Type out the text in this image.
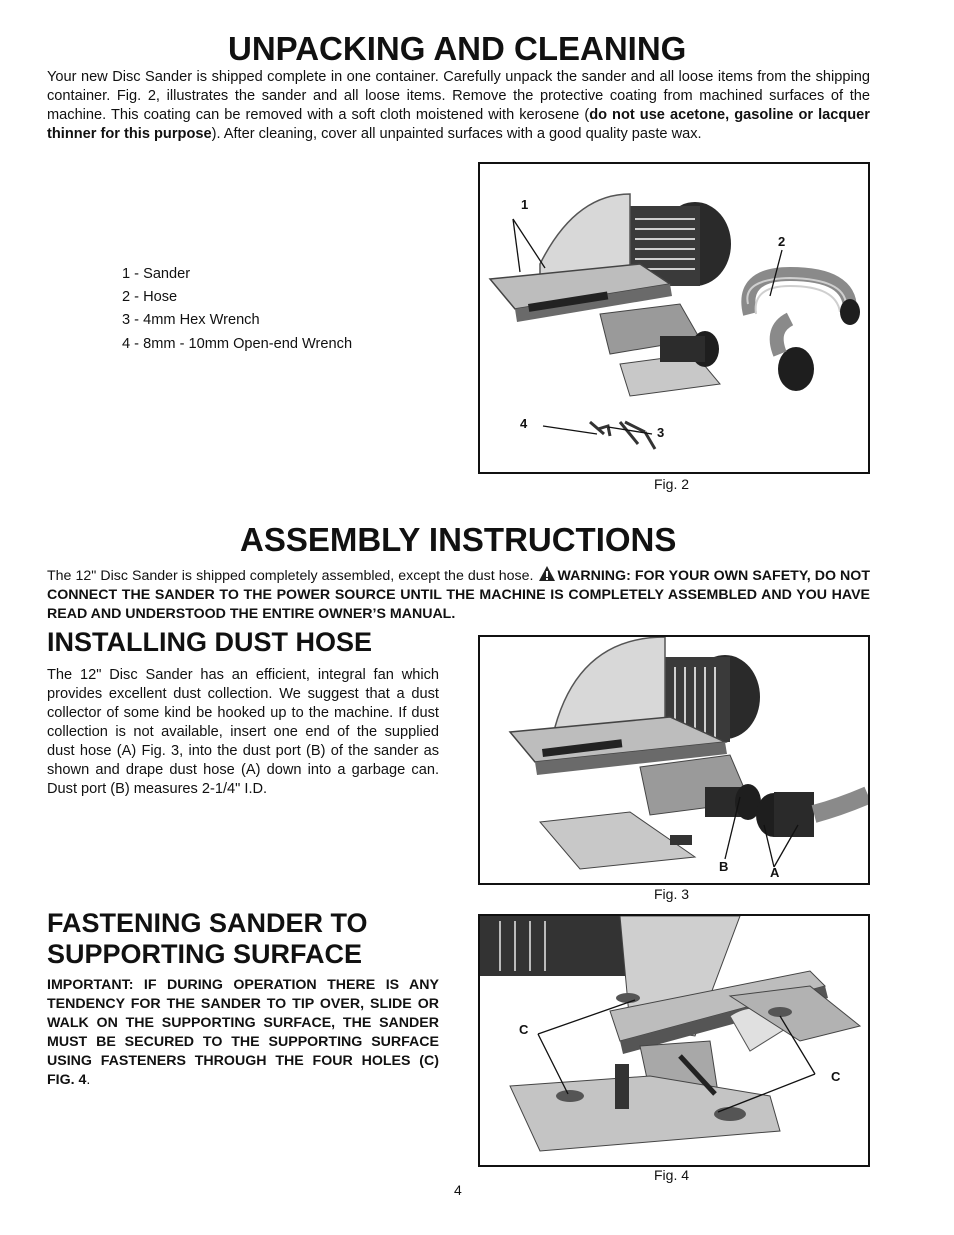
UNPACKING AND CLEANING
Your new Disc Sander is shipped complete in one container. Carefully unpack the sander and all loose items from the shipping container. Fig. 2, illustrates the sander and all loose items. Remove the protective coating from machined surfaces of the machine. This coating can be removed with a soft cloth moistened with kerosene (do not use acetone, gasoline or lacquer thinner for this purpose). After cleaning, cover all unpainted surfaces with a good quality paste wax.
1 - Sander
2 - Hose
3 - 4mm Hex Wrench
4 - 8mm - 10mm Open-end Wrench
1
2
3
4
Fig. 2
ASSEMBLY INSTRUCTIONS
The 12" Disc Sander is shipped completely assembled, except the dust hose. WARNING: FOR YOUR OWN SAFETY, DO NOT CONNECT THE SANDER TO THE POWER SOURCE UNTIL THE MACHINE IS COMPLETELY ASSEMBLED AND YOU HAVE READ AND UNDERSTOOD THE ENTIRE OWNER’S MANUAL.
INSTALLING DUST HOSE
The 12" Disc Sander has an efficient, integral fan which provides excellent dust collection. We suggest that a dust collector of some kind be hooked up to the machine. If dust collection is not available, insert one end of the supplied dust hose (A) Fig. 3, into the dust port (B) of the sander as shown and drape dust hose (A) down into a garbage can. Dust port (B) measures 2-1/4" I.D.
B	A
Fig. 3
FASTENING SANDER TO
SUPPORTING SURFACE
IMPORTANT: IF DURING OPERATION THERE IS ANY TENDENCY FOR THE SANDER TO TIP OVER, SLIDE OR WALK ON THE SUPPORTING SURFACE, THE SANDER MUST BE SECURED TO THE SUPPORTING SURFACE USING FASTENERS THROUGH THE FOUR HOLES (C) FIG. 4.
C
C
Fig. 4
4
